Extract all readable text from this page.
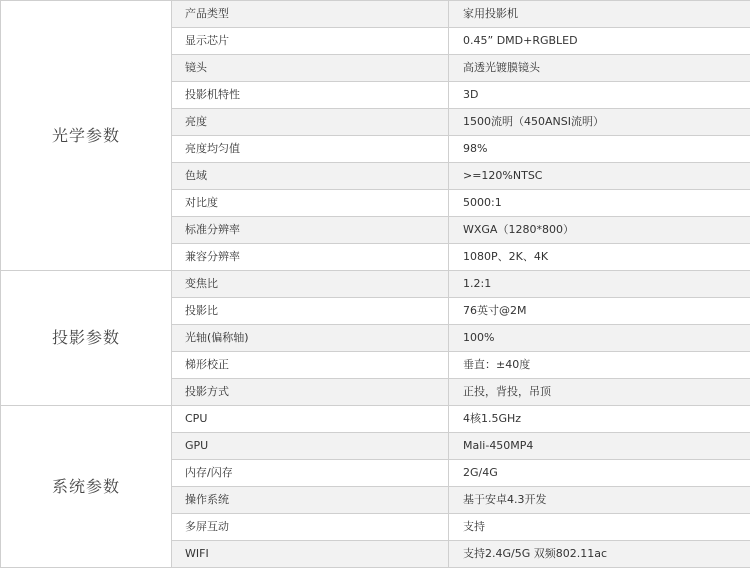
光学参数	产品类型	家用投影机
	显示芯片	0.45” DMD+RGBLED
	镜头	高透光镀膜镜头
	投影机特性	3D
	亮度	1500流明（450ANSI流明）
	亮度均匀值	98%
	色域	>=120%NTSC
	对比度	5000:1
	标准分辨率	WXGA（1280*800）
	兼容分辨率	1080P、2K、4K
投影参数	变焦比	1.2:1
	投影比	76英寸@2M
	光轴(偏称轴)	100%
	梯形校正	垂直：±40度
	投影方式	正投，背投，吊顶
系统参数	CPU	4核1.5GHz
	GPU	Mali-450MP4
	内存/闪存	2G/4G
	操作系统	基于安卓4.3开发
	多屏互动	支持
	WIFI	支持2.4G/5G 双频802.11ac
